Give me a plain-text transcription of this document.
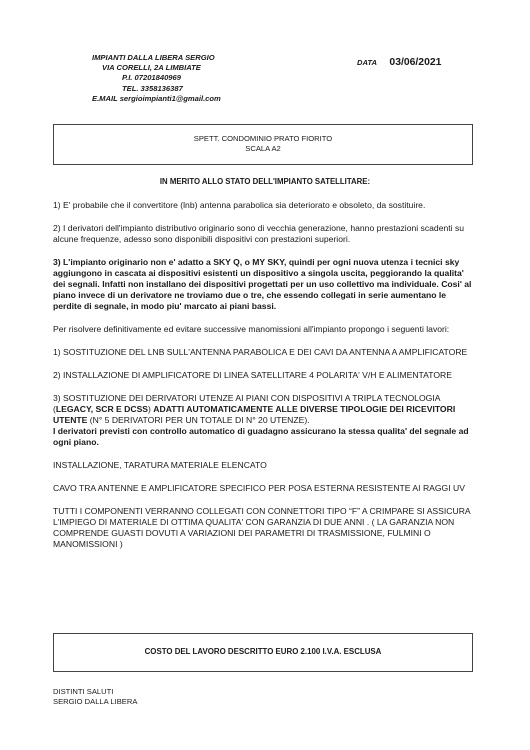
IMPIANTI DALLA LIBERA SERGIO
VIA CORELLI, 2A LIMBIATE
P.I. 07201840969
TEL. 3358136387
E.MAIL sergioimpianti1@gmail.com
DATA 03/06/2021
SPETT. CONDOMINIO PRATO FIORITO
SCALA A2

IN MERITO ALLO STATO DELL'IMPIANTO SATELLITARE:

1) E' probabile che il convertitore (lnb) antenna parabolica sia deteriorato e obsoleto, da sostituire.

2) I derivatori dell'impianto distributivo originario sono di vecchia generazione, hanno prestazioni scadenti su alcune frequenze, adesso sono disponibili dispositivi con prestazioni superiori.

3) L'impianto originario non e' adatto a SKY Q, o MY SKY, quindi per ogni nuova utenza i tecnici sky aggiungono in cascata ai dispositivi esistenti un dispositivo a singola uscita, peggiorando la qualita' dei segnali. Infatti non installano dei dispositivi progettati per un uso collettivo ma individuale. Cosi' al piano invece di un derivatore ne troviamo due o tre, che essendo collegati in serie aumentano le perdite di segnale, in modo piu' marcato ai piani bassi.

Per risolvere definitivamente ed evitare successive manomissioni all'impianto propongo i seguenti lavori:

1) SOSTITUZIONE DEL LNB SULL'ANTENNA PARABOLICA E DEI CAVI DA ANTENNA A AMPLIFICATORE

2) INSTALLAZIONE DI AMPLIFICATORE DI LINEA SATELLITARE 4 POLARITA' V/H E ALIMENTATORE

3) SOSTITUZIONE DEI DERIVATORI UTENZE AI PIANI CON DISPOSITIVI A TRIPLA TECNOLOGIA (LEGACY, SCR E DCSS) ADATTI AUTOMATICAMENTE ALLE DIVERSE TIPOLOGIE DEI RICEVITORI UTENTE (N° 5 DERIVATORI PER UN TOTALE DI N° 20 UTENZE).
I derivatori previsti con controllo automatico di guadagno assicurano la stessa qualita' del segnale ad ogni piano.

INSTALLAZIONE, TARATURA MATERIALE ELENCATO

CAVO TRA ANTENNE E AMPLIFICATORE SPECIFICO PER POSA ESTERNA RESISTENTE AI RAGGI UV

TUTTI I COMPONENTI VERRANNO COLLEGATI CON CONNETTORI TIPO “F” A CRIMPARE SI ASSICURA L'IMPIEGO DI MATERIALE DI OTTIMA QUALITA' CON GARANZIA DI DUE ANNI . ( LA GARANZIA NON COMPRENDE GUASTI DOVUTI A VARIAZIONI DEI PARAMETRI DI TRASMISSIONE, FULMINI O MANOMISSIONI )

COSTO DEL LAVORO DESCRITTO EURO 2.100 I.V.A. ESCLUSA
DISTINTI SALUTI
SERGIO DALLA LIBERA
